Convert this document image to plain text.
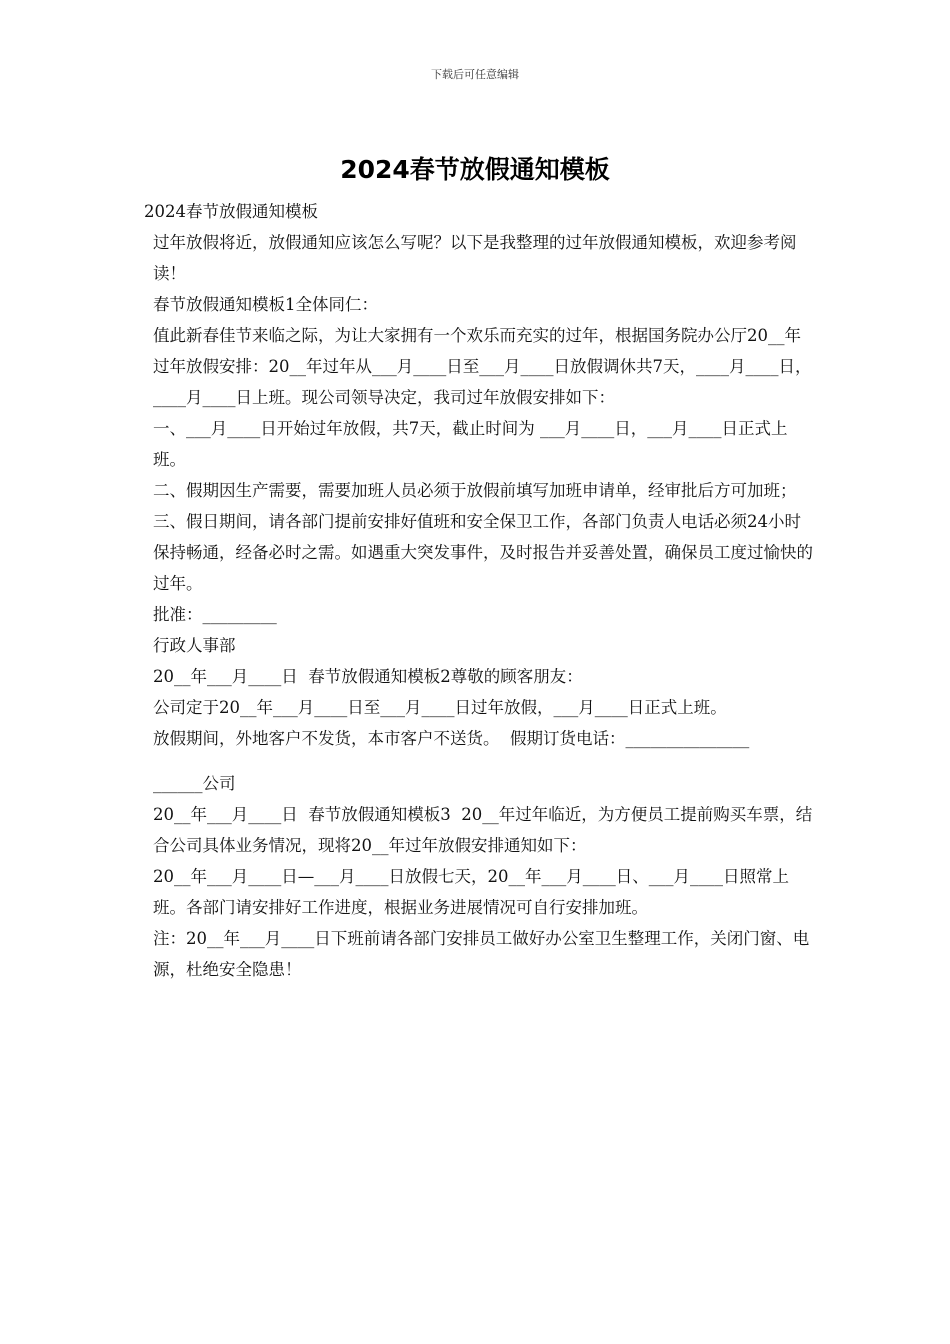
下载后可任意编辑
2024春节放假通知模板

2024春节放假通知模板

过年放假将近，放假通知应该怎么写呢？以下是我整理的过年放假通知模板，欢迎参考阅读！

春节放假通知模板1全体同仁：

值此新春佳节来临之际，为让大家拥有一个欢乐而充实的过年，根据国务院办公厅20__年过年放假安排：20__年过年从___月____日至___月____日放假调休共7天，____月____日，____月____日上班。现公司领导决定，我司过年放假安排如下：

一、___月____日开始过年放假，共7天，截止时间为 ___月____日，___月____日正式上班。

二、假期因生产需要，需要加班人员必须于放假前填写加班申请单，经审批后方可加班；

三、假日期间，请各部门提前安排好值班和安全保卫工作，各部门负责人电话必须24小时保持畅通，经备必时之需。如遇重大突发事件，及时报告并妥善处置，确保员工度过愉快的过年。

批准：_________

行政人事部

20__年___月____日  春节放假通知模板2尊敬的顾客朋友：

公司定于20__年___月____日至___月____日过年放假，___月____日正式上班。

放假期间，外地客户不发货，本市客户不送货。  假期订货电话：_______________

______公司

20__年___月____日  春节放假通知模板3  20__年过年临近，为方便员工提前购买车票，结合公司具体业务情况，现将20__年过年放假安排通知如下：

20__年___月____日—___月____日放假七天，20__年___月____日、___月____日照常上班。各部门请安排好工作进度，根据业务进展情况可自行安排加班。

注：20__年___月____日下班前请各部门安排员工做好办公室卫生整理工作，关闭门窗、电源，杜绝安全隐患！
